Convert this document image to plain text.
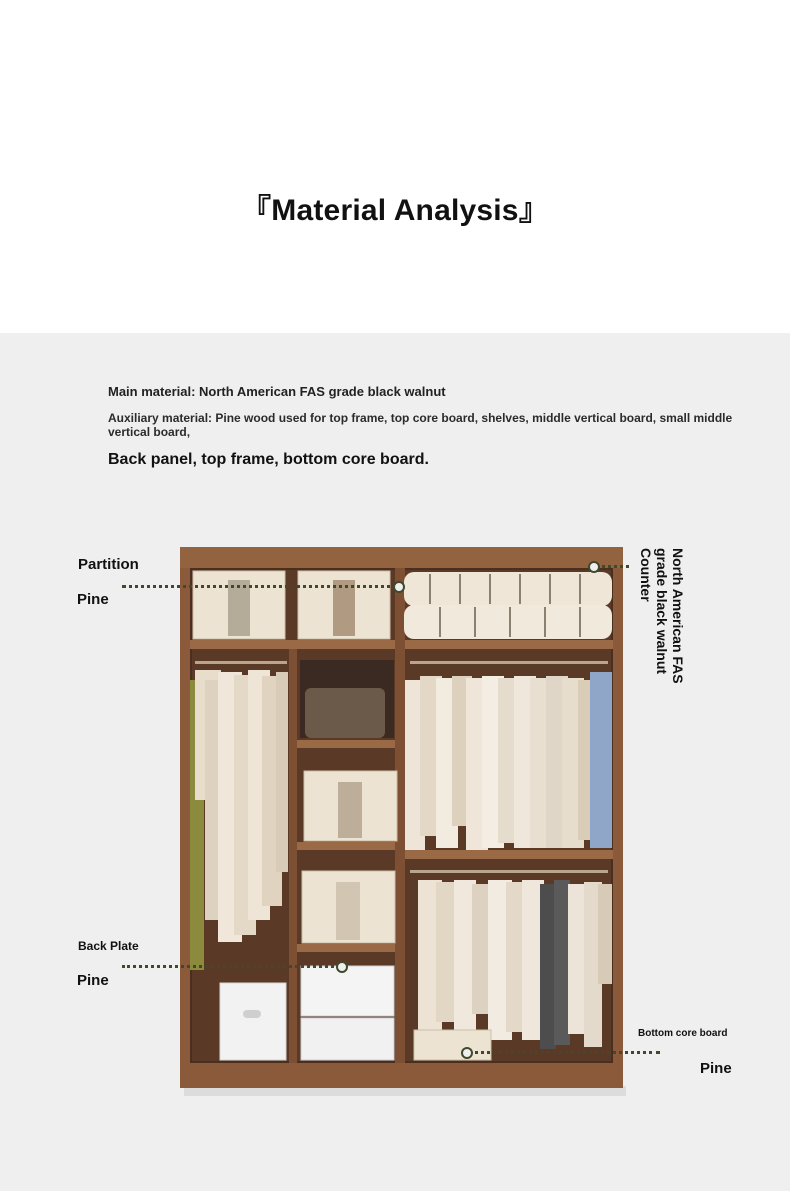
『Material Analysis』
Main material: North American FAS grade black walnut
Auxiliary material: Pine wood used for top frame, top core board, shelves, middle vertical board, small middle vertical board,
Back panel, top frame, bottom core board.
Partition
Pine
Back Plate
Pine
Bottom core board
Pine
North American FAS
grade black walnut
Counter
